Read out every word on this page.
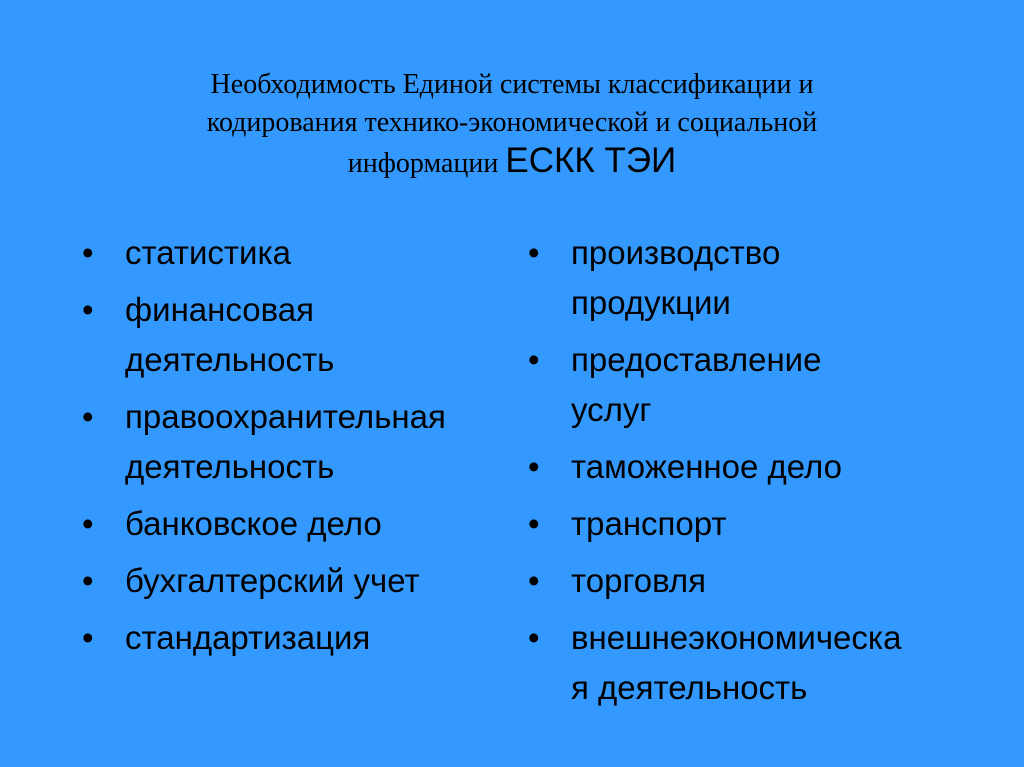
Необходимость Единой системы классификации и
кодирования технико-экономической и социальной
информации ЕСКК ТЭИ
• статистика
• финансовая
деятельность
• правоохранительная
деятельность
• банковское дело
• бухгалтерский учет
• стандартизация
• производство
продукции
• предоставление
услуг
• таможенное дело
• транспорт
• торговля
• внешнеэкономическа
я деятельность
